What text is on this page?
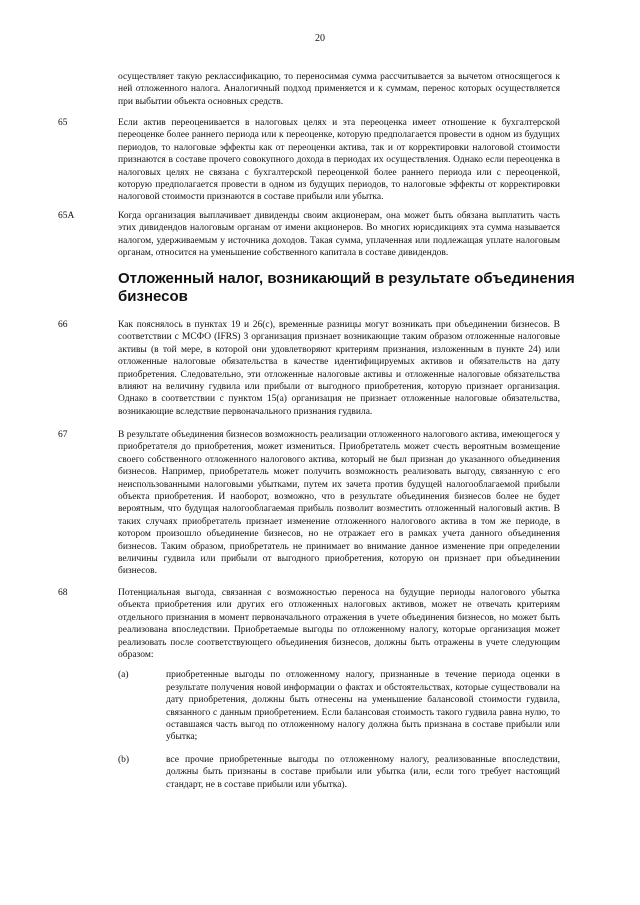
20

осуществляет такую реклассификацию, то переносимая сумма рассчитывается за вычетом относящегося к ней отложенного налога. Аналогичный подход применяется и к суммам, перенос которых осуществляется при выбытии объекта основных средств.

65	Если актив переоценивается в налоговых целях и эта переоценка имеет отношение к бухгалтерской переоценке более раннего периода или к переоценке, которую предполагается провести в одном из будущих периодов, то налоговые эффекты как от переоценки актива, так и от корректировки налоговой стоимости признаются в составе прочего совокупного дохода в периодах их осуществления. Однако если переоценка в налоговых целях не связана с бухгалтерской переоценкой более раннего периода или с переоценкой, которую предполагается провести в одном из будущих периодов, то налоговые эффекты от корректировки налоговой стоимости признаются в составе прибыли или убытка.

65A	Когда организация выплачивает дивиденды своим акционерам, она может быть обязана выплатить часть этих дивидендов налоговым органам от имени акционеров. Во многих юрисдикциях эта сумма называется налогом, удерживаемым у источника доходов. Такая сумма, уплаченная или подлежащая уплате налоговым органам, относится на уменьшение собственного капитала в составе дивидендов.

Отложенный налог, возникающий в результате объединения бизнесов
66	Как пояснялось в пунктах 19 и 26(с), временные разницы могут возникать при объединении бизнесов. В соответствии с МСФО (IFRS) 3 организация признает возникающие таким образом отложенные налоговые активы (в той мере, в которой они удовлетворяют критериям признания, изложенным в пункте 24) или отложенные налоговые обязательства в качестве идентифицируемых активов и обязательств на дату приобретения. Следовательно, эти отложенные налоговые активы и отложенные налоговые обязательства влияют на величину гудвила или прибыли от выгодного приобретения, которую признает организация. Однако в соответствии с пунктом 15(а) организация не признает отложенные налоговые обязательства, возникающие вследствие первоначального признания гудвила.

67	В результате объединения бизнесов возможность реализации отложенного налогового актива, имеющегося у приобретателя до приобретения, может измениться. Приобретатель может счесть вероятным возмещение своего собственного отложенного налогового актива, который не был признан до указанного объединения бизнесов. Например, приобретатель может получить возможность реализовать выгоду, связанную с его неиспользованными налоговыми убытками, путем их зачета против будущей налогооблагаемой прибыли объекта приобретения. И наоборот, возможно, что в результате объединения бизнесов более не будет вероятным, что будущая налогооблагаемая прибыль позволит возместить отложенный налоговый актив. В таких случаях приобретатель признает изменение отложенного налогового актива в том же периоде, в котором произошло объединение бизнесов, но не отражает его в рамках учета данного объединения бизнесов. Таким образом, приобретатель не принимает во внимание данное изменение при определении величины гудвила или прибыли от выгодного приобретения, которую он признает при объединении бизнесов.

68	Потенциальная выгода, связанная с возможностью переноса на будущие периоды налогового убытка объекта приобретения или других его отложенных налоговых активов, может не отвечать критериям отдельного признания в момент первоначального отражения в учете объединения бизнесов, но может быть реализована впоследствии. Приобретаемые выгоды по отложенному налогу, которые организация может реализовать после соответствующего объединения бизнесов, должны быть отражены в учете следующим образом:

(a)	приобретенные выгоды по отложенному налогу, признанные в течение периода оценки в результате получения новой информации о фактах и обстоятельствах, которые существовали на дату приобретения, должны быть отнесены на уменьшение балансовой стоимости гудвила, связанного с данным приобретением. Если балансовая стоимость такого гудвила равна нулю, то оставшаяся часть выгод по отложенному налогу должна быть признана в составе прибыли или убытка;

(b)	все прочие приобретенные выгоды по отложенному налогу, реализованные впоследствии, должны быть признаны в составе прибыли или убытка (или, если того требует настоящий стандарт, не в составе прибыли или убытка).
